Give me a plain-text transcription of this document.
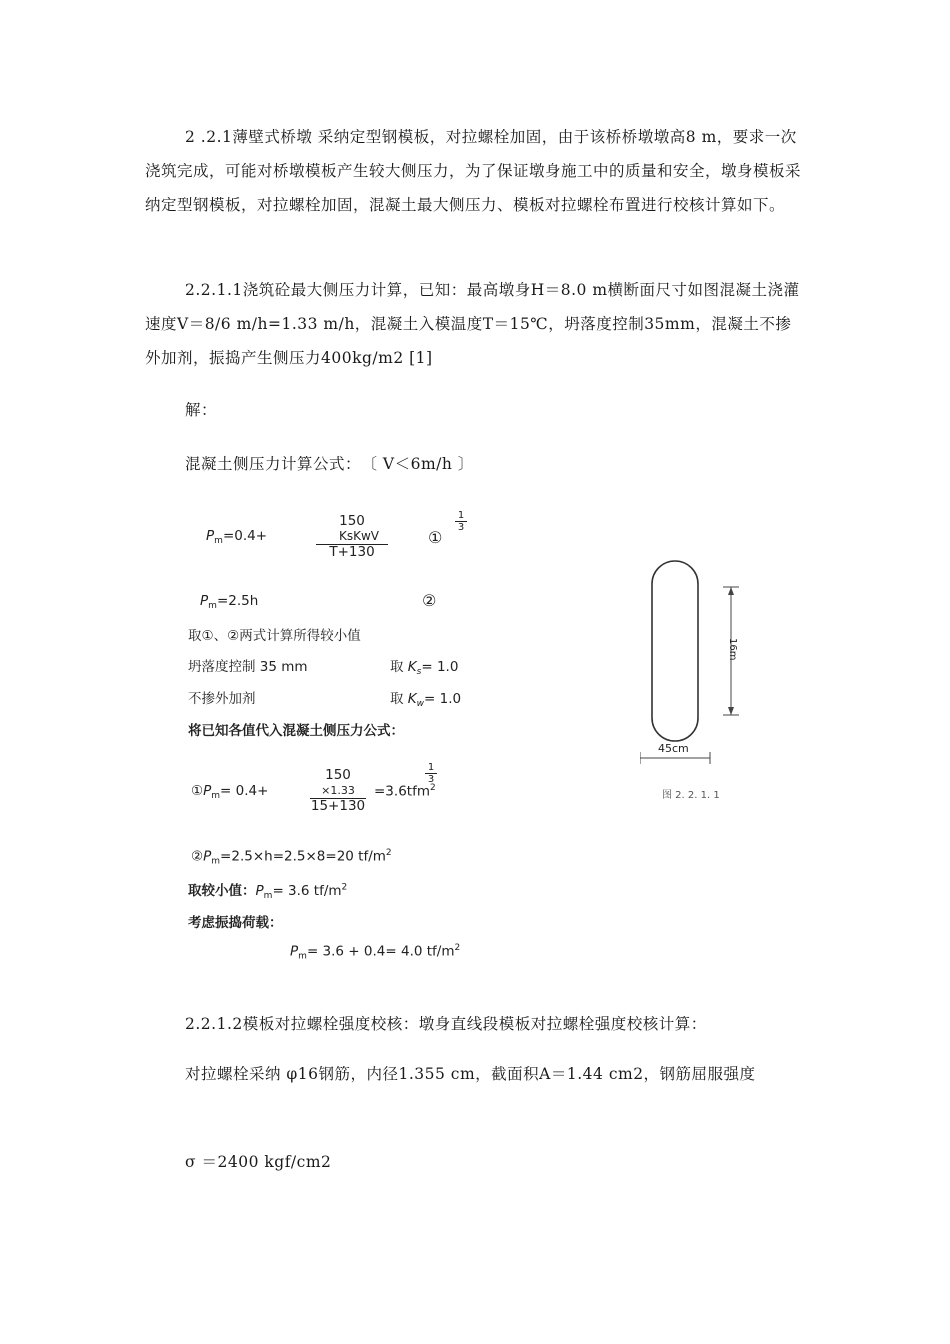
2 .2.1薄壁式桥墩 采纳定型钢模板，对拉螺栓加固，由于该桥桥墩墩高8 m，要求一次浇筑完成，可能对桥墩模板产生较大侧压力，为了保证墩身施工中的质量和安全，墩身模板采纳定型钢模板，对拉螺栓加固，混凝土最大侧压力、模板对拉螺栓布置进行校核计算如下。
2.2.1.1浇筑砼最大侧压力计算，已知：最高墩身H＝8.0 m横断面尺寸如图混凝土浇灌速度V＝8/6 m/h=1.33 m/h，混凝土入模温度T＝15℃，坍落度控制35mm，混凝土不掺外加剂，振捣产生侧压力400kg/m2 [1]
解：
混凝土侧压力计算公式：　〔 V＜6m/h 〕
$P_m=0.4+$
150
KsKwV
T+130
①
$\frac{1}{3}$
$P_m=2.5h$	②
取①、②两式计算所得较小值
坍落度控制 35 mm	取 $K_s= 1.0$
不掺外加剂	取 $K_w= 1.0$
将已知各值代入混凝土侧压力公式：
$①P_m= 0.4+$
150
×1.33
15+130
=3.6tfm$^2$
$\frac{1}{3}$
$②P_m=2.5\times h=2.5\times 8=20$ $tf/m^2$
取较小值：$P_m= 3.6$ $tf/m^2$
考虑振捣荷载：
$P_m= 3.6 + 0.4= 4.0$ $tf/m^2$
16m
45cm
图 2. 2. 1. 1
2.2.1.2模板对拉螺栓强度校核：墩身直线段模板对拉螺栓强度校核计算：
对拉螺栓采纳 φ16钢筋，内径1.355 cm，截面积A＝1.44 cm2，钢筋屈服强度
σ ＝2400 kgf/cm2
